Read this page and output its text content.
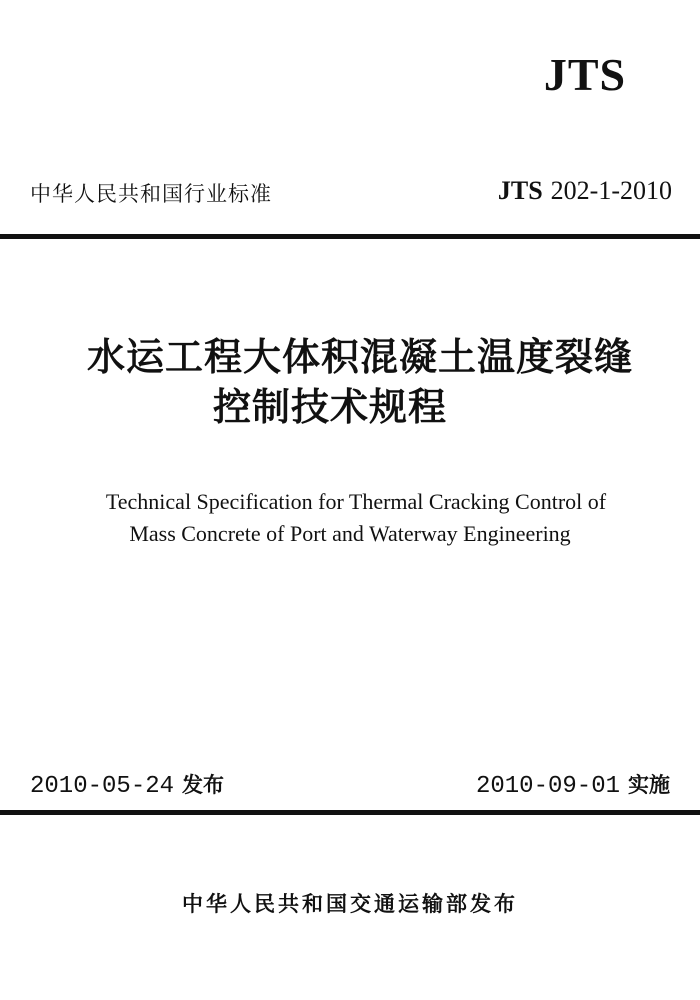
JTS
中华人民共和国行业标准	JTS 202-1-2010
水运工程大体积混凝土温度裂缝
控制技术规程
Technical Specification for Thermal Cracking Control of
Mass Concrete of Port and Waterway Engineering
2010-05-24 发布	2010-09-01 实施
中华人民共和国交通运输部发布
